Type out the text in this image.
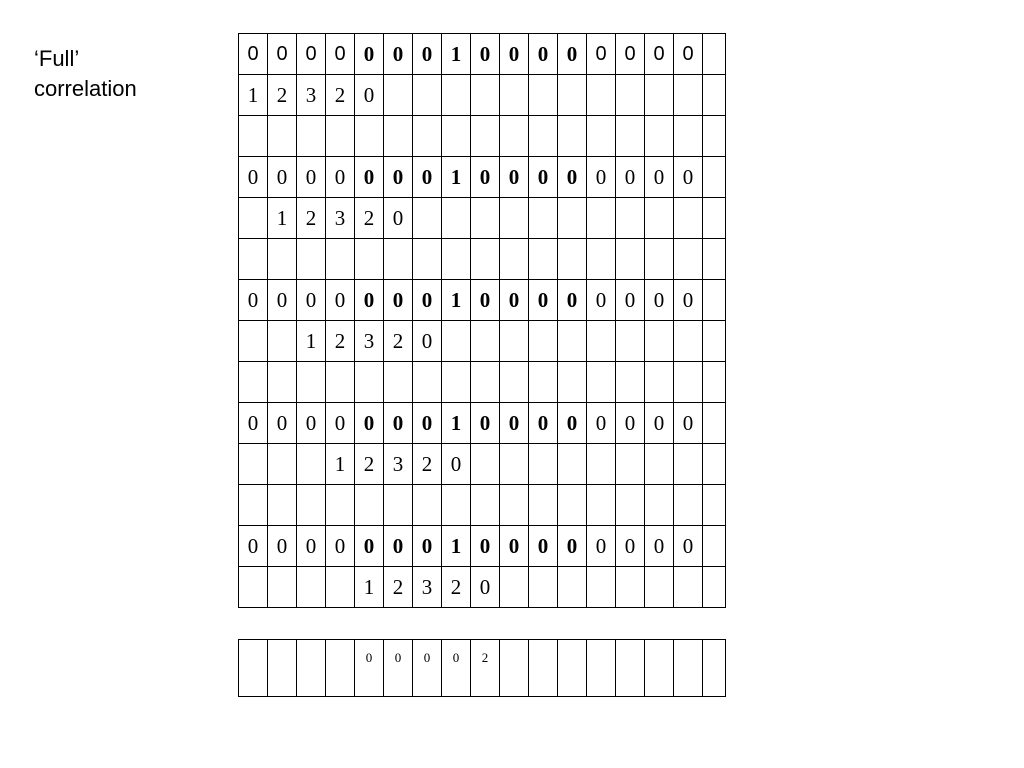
‘Full’
correlation
0	0	0	0	0	0	0	1	0	0	0	0	0	0	0	0	
1	2	3	2	0												

0	0	0	0	0	0	0	1	0	0	0	0	0	0	0	0	
	1	2	3	2	0											

0	0	0	0	0	0	0	1	0	0	0	0	0	0	0	0	
		1	2	3	2	0										

0	0	0	0	0	0	0	1	0	0	0	0	0	0	0	0	
			1	2	3	2	0									

0	0	0	0	0	0	0	1	0	0	0	0	0	0	0	0	
				1	2	3	2	0								
				0	0	0	0	2								
